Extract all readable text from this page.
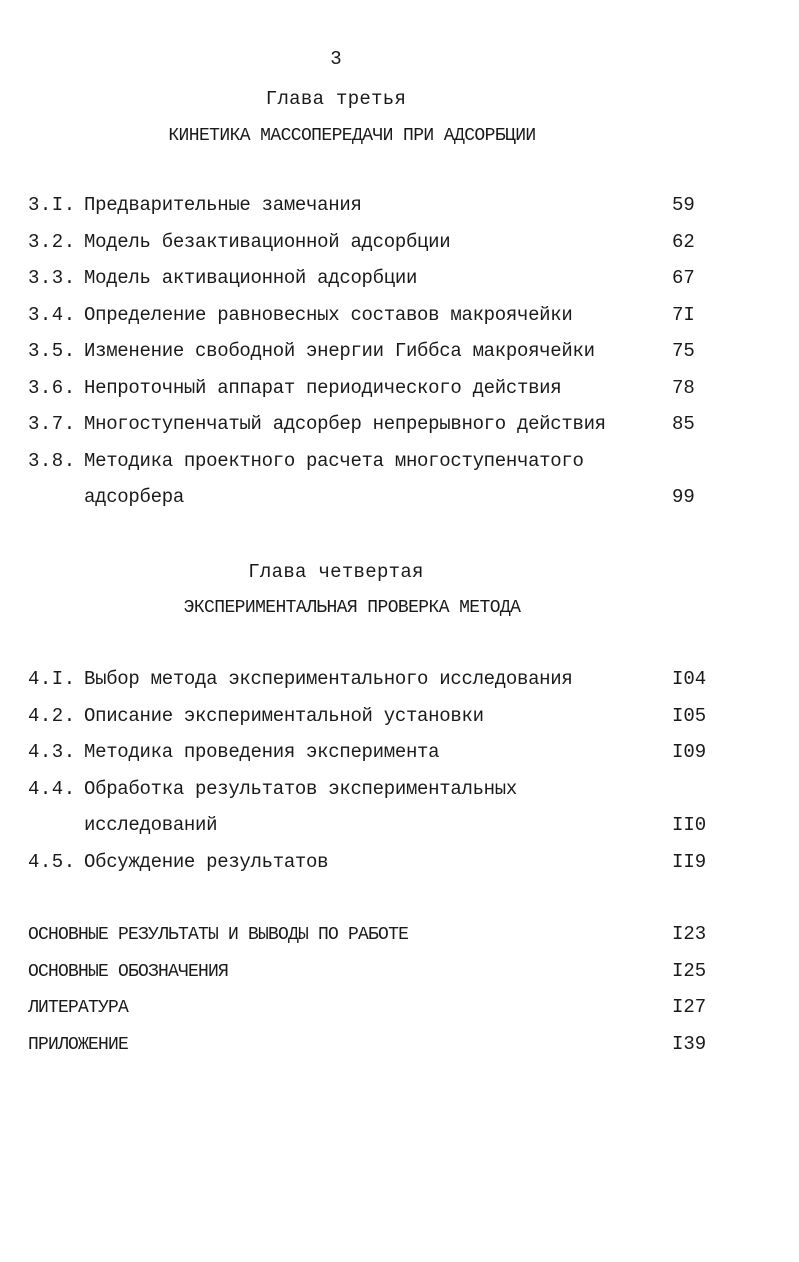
3
Глава третья
КИНЕТИКА МАССОПЕРЕДАЧИ ПРИ АДСОРБЦИИ
3.I. Предварительные замечания	59
3.2. Модель безактивационной адсорбции	62
3.3. Модель активационной адсорбции	67
3.4. Определение равновесных составов макроячейки	7I
3.5. Изменение свободной энергии Гиббса макроячейки	75
3.6. Непроточный аппарат периодического действия	78
3.7. Многоступенчатый адсорбер непрерывного действия	85
3.8. Методика проектного расчета многоступенчатого
адсорбера	99
Глава четвертая
ЭКСПЕРИМЕНТАЛЬНАЯ ПРОВЕРКА МЕТОДА
4.I. Выбор метода экспериментального исследования	I04
4.2. Описание экспериментальной установки	I05
4.3. Методика проведения эксперимента	I09
4.4. Обработка результатов экспериментальных
исследований	II0
4.5. Обсуждение результатов	II9
ОСНОВНЫЕ РЕЗУЛЬТАТЫ И ВЫВОДЫ ПО РАБОТЕ	I23
ОСНОВНЫЕ ОБОЗНАЧЕНИЯ	I25
ЛИТЕРАТУРА	I27
ПРИЛОЖЕНИЕ	I39
